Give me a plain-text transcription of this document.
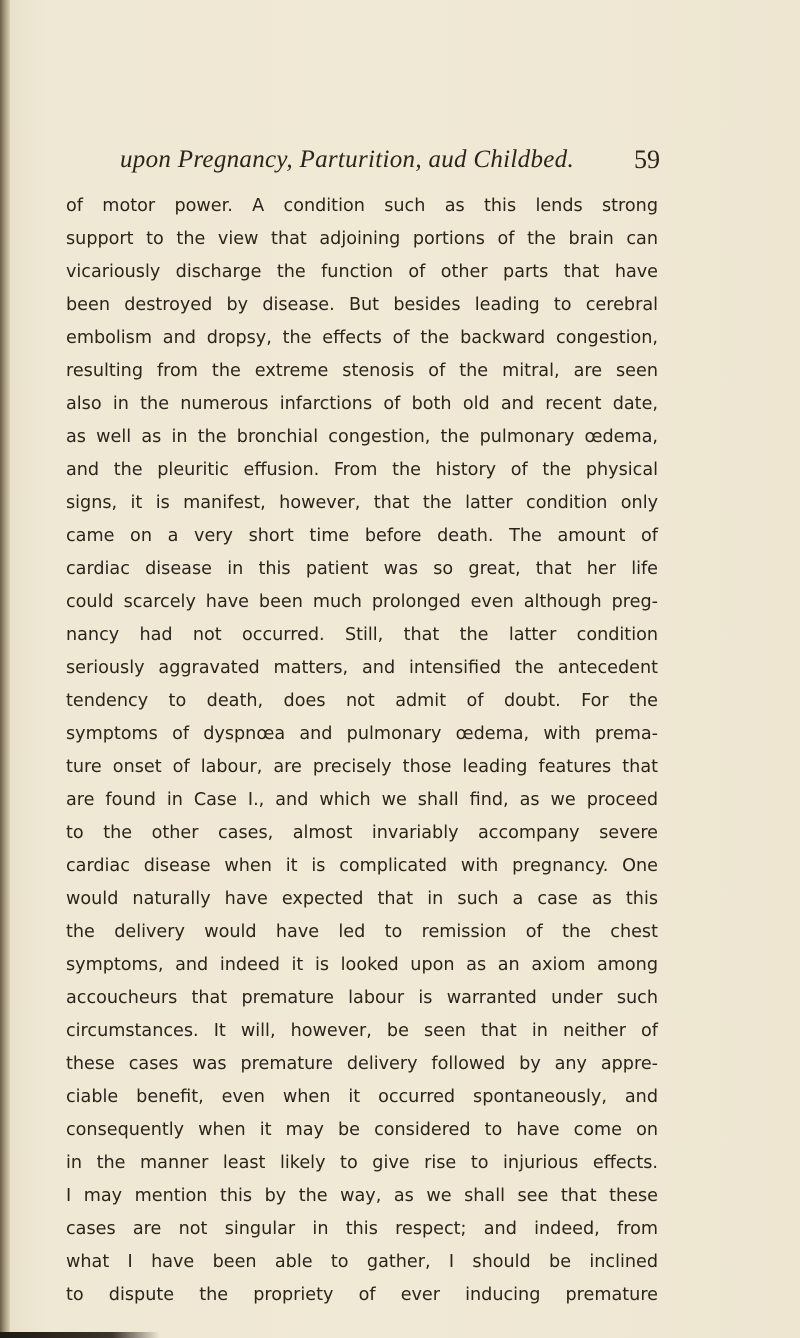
upon Pregnancy, Parturition, aud Childbed. 59
of motor power. A condition such as this lends strong
support to the view that adjoining portions of the brain can
vicariously discharge the function of other parts that have
been destroyed by disease. But besides leading to cerebral
embolism and dropsy, the effects of the backward congestion,
resulting from the extreme stenosis of the mitral, are seen
also in the numerous infarctions of both old and recent date,
as well as in the bronchial congestion, the pulmonary œdema,
and the pleuritic effusion. From the history of the physical
signs, it is manifest, however, that the latter condition only
came on a very short time before death. The amount of
cardiac disease in this patient was so great, that her life
could scarcely have been much prolonged even although preg-
nancy had not occurred. Still, that the latter condition
seriously aggravated matters, and intensified the antecedent
tendency to death, does not admit of doubt. For the
symptoms of dyspnœa and pulmonary œdema, with prema-
ture onset of labour, are precisely those leading features that
are found in Case I., and which we shall find, as we proceed
to the other cases, almost invariably accompany severe
cardiac disease when it is complicated with pregnancy. One
would naturally have expected that in such a case as this
the delivery would have led to remission of the chest
symptoms, and indeed it is looked upon as an axiom among
accoucheurs that premature labour is warranted under such
circumstances. It will, however, be seen that in neither of
these cases was premature delivery followed by any appre-
ciable benefit, even when it occurred spontaneously, and
consequently when it may be considered to have come on
in the manner least likely to give rise to injurious effects.
I may mention this by the way, as we shall see that these
cases are not singular in this respect; and indeed, from
what I have been able to gather, I should be inclined
to dispute the propriety of ever inducing premature
